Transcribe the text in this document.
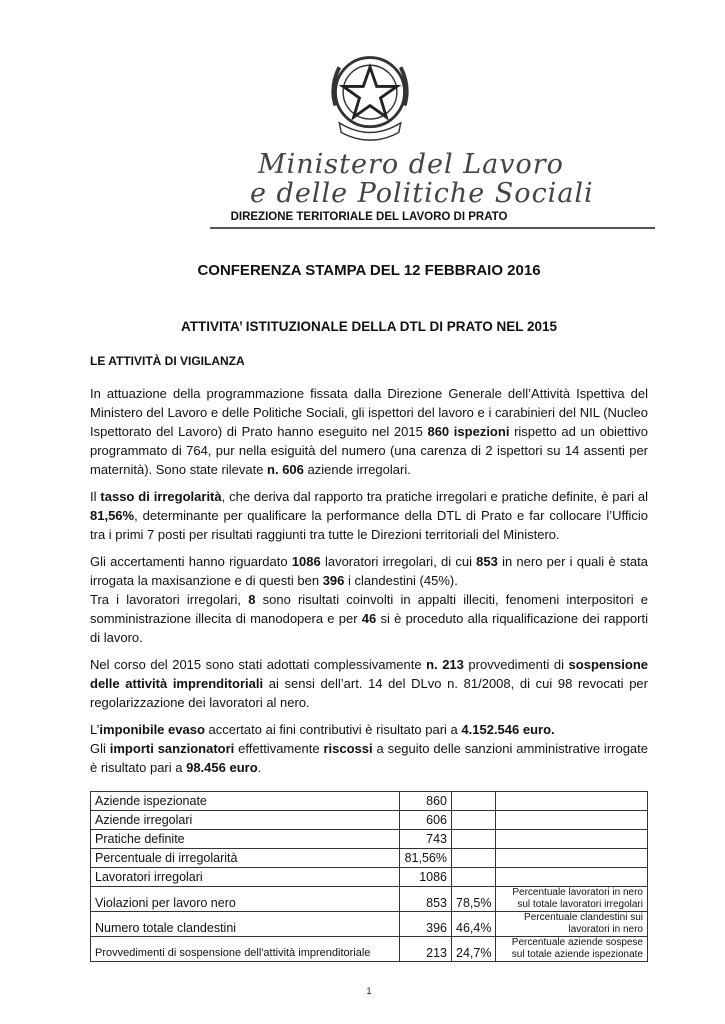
Ministero del Lavoro
e delle Politiche Sociali
DIREZIONE TERITORIALE DEL LAVORO DI PRATO
CONFERENZA STAMPA DEL 12 FEBBRAIO 2016
ATTIVITA’ ISTITUZIONALE DELLA DTL DI PRATO NEL 2015
LE ATTIVITÀ DI VIGILANZA

In attuazione della programmazione fissata dalla Direzione Generale dell’Attività Ispettiva del Ministero del Lavoro e delle Politiche Sociali, gli ispettori del lavoro e i carabinieri del NIL (Nucleo Ispettorato del Lavoro) di Prato hanno eseguito nel 2015 860 ispezioni rispetto ad un obiettivo programmato di 764, pur nella esiguità del numero (una carenza di 2 ispettori su 14 assenti per maternità). Sono state rilevate n. 606 aziende irregolari.

Il tasso di irregolarità, che deriva dal rapporto tra pratiche irregolari e pratiche definite, è pari al 81,56%, determinante per qualificare la performance della DTL di Prato e far collocare l’Ufficio tra i primi 7 posti per risultati raggiunti tra tutte le Direzioni territoriali del Ministero.

Gli accertamenti hanno riguardato 1086 lavoratori irregolari, di cui 853 in nero per i quali è stata irrogata la maxisanzione e di questi ben 396 i clandestini (45%).
Tra i lavoratori irregolari, 8 sono risultati coinvolti in appalti illeciti, fenomeni interpositori e somministrazione illecita di manodopera e per 46 si è proceduto alla riqualificazione dei rapporti di lavoro.

Nel corso del 2015 sono stati adottati complessivamente n. 213 provvedimenti di sospensione delle attività imprenditoriali ai sensi dell’art. 14 del DLvo n. 81/2008, di cui 98 revocati per regolarizzazione dei lavoratori al nero.

L’imponibile evaso accertato ai fini contributivi è risultato pari a 4.152.546 euro.
Gli importi sanzionatori effettivamente riscossi a seguito delle sanzioni amministrative irrogate è risultato pari a 98.456 euro.

Aziende ispezionate	860		
Aziende irregolari	606		
Pratiche definite	743		
Percentuale di irregolarità	81,56%		
Lavoratori irregolari	1086		
Violazioni per lavoro nero	853	78,5%	Percentuale lavoratori in nero sul totale lavoratori irregolari
Numero totale clandestini	396	46,4%	Percentuale clandestini sui lavoratori in nero
Provvedimenti di sospensione dell'attività imprenditoriale	213	24,7%	Percentuale aziende sospese sul totale aziende ispezionate
1
